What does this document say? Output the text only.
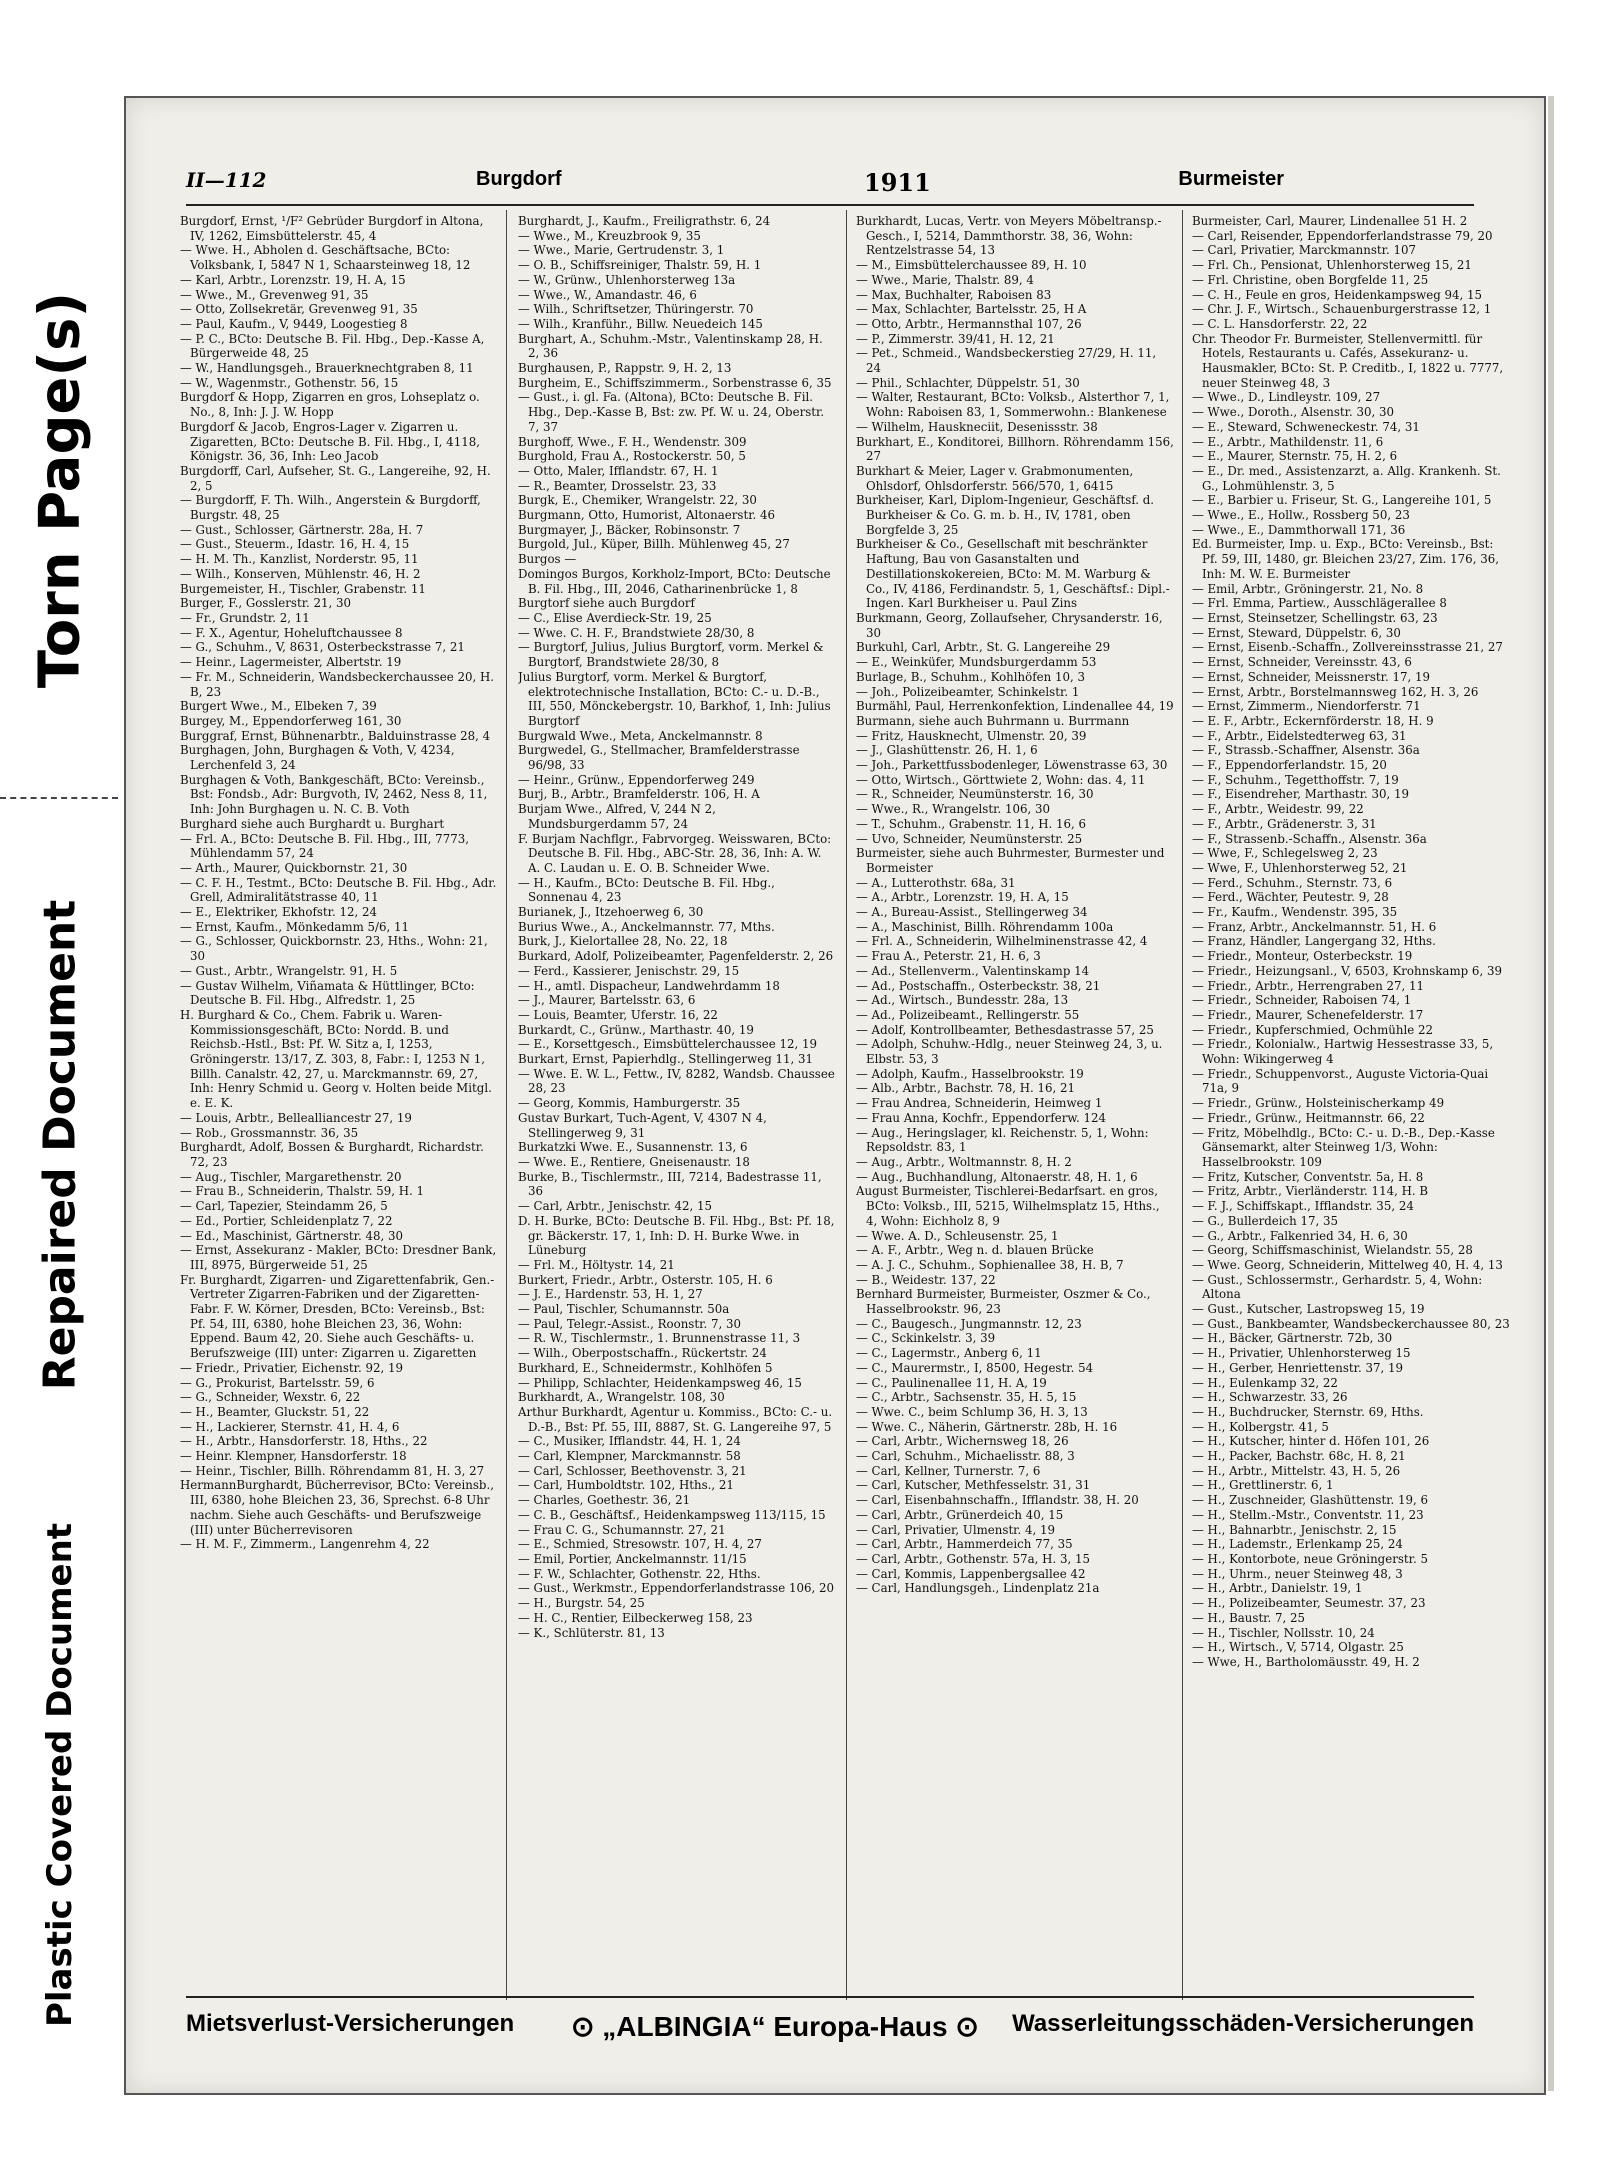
Torn Page(s)
Repaired Document
Plastic Covered Document
II—112	Burgdorf	1911	Burmeister

Burgdorf, Ernst, ¹/F² Gebrüder Burgdorf in Altona, IV, 1262, Eimsbüttelerstr. 45, 4

— Wwe. H., Abholen d. Geschäftsache, BCto: Volksbank, I, 5847 N 1, Schaarsteinweg 18, 12

— Karl, Arbtr., Lorenzstr. 19, H. A, 15

— Wwe., M., Grevenweg 91, 35

— Otto, Zollsekretär, Grevenweg 91, 35

— Paul, Kaufm., V, 9449, Loogestieg 8

— P. C., BCto: Deutsche B. Fil. Hbg., Dep.-Kasse A, Bürgerweide 48, 25

— W., Handlungsgeh., Brauerknechtgraben 8, 11

— W., Wagenmstr., Gothenstr. 56, 15

Burgdorf & Hopp, Zigarren en gros, Lohseplatz o. No., 8, Inh: J. J. W. Hopp

Burgdorf & Jacob, Engros-Lager v. Zigarren u. Zigaretten, BCto: Deutsche B. Fil. Hbg., I, 4118, Königstr. 36, 36, Inh: Leo Jacob

Burgdorff, Carl, Aufseher, St. G., Langereihe, 92, H. 2, 5

— Burgdorff, F. Th. Wilh., Angerstein & Burgdorff, Burgstr. 48, 25

— Gust., Schlosser, Gärtnerstr. 28a, H. 7

— Gust., Steuerm., Idastr. 16, H. 4, 15

— H. M. Th., Kanzlist, Norderstr. 95, 11

— Wilh., Konserven, Mühlenstr. 46, H. 2

Burgemeister, H., Tischler, Grabenstr. 11

Burger, F., Gosslerstr. 21, 30

— Fr., Grundstr. 2, 11

— F. X., Agentur, Hoheluftchaussee 8

— G., Schuhm., V, 8631, Osterbeckstrasse 7, 21

— Heinr., Lagermeister, Albertstr. 19

— Fr. M., Schneiderin, Wandsbeckerchaussee 20, H. B, 23

Burgert Wwe., M., Elbeken 7, 39

Burgey, M., Eppendorferweg 161, 30

Burggraf, Ernst, Bühnenarbtr., Balduinstrasse 28, 4

Burghagen, John, Burghagen & Voth, V, 4234, Lerchenfeld 3, 24

Burghagen & Voth, Bankgeschäft, BCto: Vereinsb., Bst: Fondsb., Adr: Burgvoth, IV, 2462, Ness 8, 11, Inh: John Burghagen u. N. C. B. Voth

Burghard siehe auch Burghardt u. Burghart

— Frl. A., BCto: Deutsche B. Fil. Hbg., III, 7773, Mühlendamm 57, 24

— Arth., Maurer, Quickbornstr. 21, 30

— C. F. H., Testmt., BCto: Deutsche B. Fil. Hbg., Adr. Grell, Admiralitätstrasse 40, 11

— E., Elektriker, Ekhofstr. 12, 24

— Ernst, Kaufm., Mönkedamm 5/6, 11

— G., Schlosser, Quickbornstr. 23, Hths., Wohn: 21, 30

— Gust., Arbtr., Wrangelstr. 91, H. 5

— Gustav Wilhelm, Viñamata & Hüttlinger, BCto: Deutsche B. Fil. Hbg., Alfredstr. 1, 25

H. Burghard & Co., Chem. Fabrik u. Waren-Kommissionsgeschäft, BCto: Nordd. B. und Reichsb.-Hstl., Bst: Pf. W. Sitz a, I, 1253, Gröningerstr. 13/17, Z. 303, 8, Fabr.: I, 1253 N 1, Billh. Canalstr. 42, 27, u. Marckmannstr. 69, 27, Inh: Henry Schmid u. Georg v. Holten beide Mitgl. e. E. K.

— Louis, Arbtr., Bellealliancestr 27, 19

— Rob., Grossmannstr. 36, 35

Burghardt, Adolf, Bossen & Burghardt, Richardstr. 72, 23

— Aug., Tischler, Margarethenstr. 20

— Frau B., Schneiderin, Thalstr. 59, H. 1

— Carl, Tapezier, Steindamm 26, 5

— Ed., Portier, Schleidenplatz 7, 22

— Ed., Maschinist, Gärtnerstr. 48, 30

— Ernst, Assekuranz - Makler, BCto: Dresdner Bank, III, 8975, Bürgerweide 51, 25

Fr. Burghardt, Zigarren- und Zigarettenfabrik, Gen.-Vertreter Zigarren-Fabriken und der Zigaretten-Fabr. F. W. Körner, Dresden, BCto: Vereinsb., Bst: Pf. 54, III, 6380, hohe Bleichen 23, 36, Wohn: Eppend. Baum 42, 20. Siehe auch Geschäfts- u. Berufszweige (III) unter: Zigarren u. Zigaretten

— Friedr., Privatier, Eichenstr. 92, 19

— G., Prokurist, Bartelsstr. 59, 6

— G., Schneider, Wexstr. 6, 22

— H., Beamter, Gluckstr. 51, 22

— H., Lackierer, Sternstr. 41, H. 4, 6

— H., Arbtr., Hansdorferstr. 18, Hths., 22

— Heinr. Klempner, Hansdorferstr. 18

— Heinr., Tischler, Billh. Röhrendamm 81, H. 3, 27

HermannBurghardt, Bücherrevisor, BCto: Vereinsb., III, 6380, hohe Bleichen 23, 36, Sprechst. 6-8 Uhr nachm. Siehe auch Geschäfts- und Berufszweige (III) unter Bücherrevisoren

— H. M. F., Zimmerm., Langenrehm 4, 22

Burghardt, J., Kaufm., Freiligrathstr. 6, 24

— Wwe., M., Kreuzbrook 9, 35

— Wwe., Marie, Gertrudenstr. 3, 1

— O. B., Schiffsreiniger, Thalstr. 59, H. 1

— W., Grünw., Uhlenhorsterweg 13a

— Wwe., W., Amandastr. 46, 6

— Wilh., Schriftsetzer, Thüringerstr. 70

— Wilh., Kranführ., Billw. Neuedeich 145

Burghart, A., Schuhm.-Mstr., Valentinskamp 28, H. 2, 36

Burghausen, P., Rappstr. 9, H. 2, 13

Burgheim, E., Schiffszimmerm., Sorbenstrasse 6, 35

— Gust., i. gl. Fa. (Altona), BCto: Deutsche B. Fil. Hbg., Dep.-Kasse B, Bst: zw. Pf. W. u. 24, Oberstr. 7, 37

Burghoff, Wwe., F. H., Wendenstr. 309

Burghold, Frau A., Rostockerstr. 50, 5

— Otto, Maler, Ifflandstr. 67, H. 1

— R., Beamter, Drosselstr. 23, 33

Burgk, E., Chemiker, Wrangelstr. 22, 30

Burgmann, Otto, Humorist, Altonaerstr. 46

Burgmayer, J., Bäcker, Robinsonstr. 7

Burgold, Jul., Küper, Billh. Mühlenweg 45, 27

Burgos —

Domingos Burgos, Korkholz-Import, BCto: Deutsche B. Fil. Hbg., III, 2046, Catharinenbrücke 1, 8

Burgtorf siehe auch Burgdorf

— C., Elise Averdieck-Str. 19, 25

— Wwe. C. H. F., Brandstwiete 28/30, 8

— Burgtorf, Julius, Julius Burgtorf, vorm. Merkel & Burgtorf, Brandstwiete 28/30, 8

Julius Burgtorf, vorm. Merkel & Burgtorf, elektrotechnische Installation, BCto: C.- u. D.-B., III, 550, Mönckebergstr. 10, Barkhof, 1, Inh: Julius Burgtorf

Burgwald Wwe., Meta, Anckelmannstr. 8

Burgwedel, G., Stellmacher, Bramfelderstrasse 96/98, 33

— Heinr., Grünw., Eppendorferweg 249

Burj, B., Arbtr., Bramfelderstr. 106, H. A

Burjam Wwe., Alfred, V, 244 N 2, Mundsburgerdamm 57, 24

F. Burjam Nachflgr., Fabrvorgeg. Weisswaren, BCto: Deutsche B. Fil. Hbg., ABC-Str. 28, 36, Inh: A. W. A. C. Laudan u. E. O. B. Schneider Wwe.

— H., Kaufm., BCto: Deutsche B. Fil. Hbg., Sonnenau 4, 23

Burianek, J., Itzehoerweg 6, 30

Burius Wwe., A., Anckelmannstr. 77, Mths.

Burk, J., Kielortallee 28, No. 22, 18

Burkard, Adolf, Polizeibeamter, Pagenfelderstr. 2, 26

— Ferd., Kassierer, Jenischstr. 29, 15

— H., amtl. Dispacheur, Landwehrdamm 18

— J., Maurer, Bartelsstr. 63, 6

— Louis, Beamter, Uferstr. 16, 22

Burkardt, C., Grünw., Marthastr. 40, 19

— E., Korsettgesch., Eimsbüttelerchaussee 12, 19

Burkart, Ernst, Papierhdlg., Stellingerweg 11, 31

— Wwe. E. W. L., Fettw., IV, 8282, Wandsb. Chaussee 28, 23

— Georg, Kommis, Hamburgerstr. 35

Gustav Burkart, Tuch-Agent, V, 4307 N 4, Stellingerweg 9, 31

Burkatzki Wwe. E., Susannenstr. 13, 6

— Wwe. E., Rentiere, Gneisenaustr. 18

Burke, B., Tischlermstr., III, 7214, Badestrasse 11, 36

— Carl, Arbtr., Jenischstr. 42, 15

D. H. Burke, BCto: Deutsche B. Fil. Hbg., Bst: Pf. 18, gr. Bäckerstr. 17, 1, Inh: D. H. Burke Wwe. in Lüneburg

— Frl. M., Höltystr. 14, 21

Burkert, Friedr., Arbtr., Osterstr. 105, H. 6

— J. E., Hardenstr. 53, H. 1, 27

— Paul, Tischler, Schumannstr. 50a

— Paul, Telegr.-Assist., Roonstr. 7, 30

— R. W., Tischlermstr., 1. Brunnenstrasse 11, 3

— Wilh., Oberpostschaffn., Rückertstr. 24

Burkhard, E., Schneidermstr., Kohlhöfen 5

— Philipp, Schlachter, Heidenkampsweg 46, 15

Burkhardt, A., Wrangelstr. 108, 30

Arthur Burkhardt, Agentur u. Kommiss., BCto: C.- u. D.-B., Bst: Pf. 55, III, 8887, St. G. Langereihe 97, 5

— C., Musiker, Ifflandstr. 44, H. 1, 24

— Carl, Klempner, Marckmannstr. 58

— Carl, Schlosser, Beethovenstr. 3, 21

— Carl, Humboldtstr. 102, Hths., 21

— Charles, Goethestr. 36, 21

— C. B., Geschäftsf., Heidenkampsweg 113/115, 15

— Frau C. G., Schumannstr. 27, 21

— E., Schmied, Stresowstr. 107, H. 4, 27

— Emil, Portier, Anckelmannstr. 11/15

— F. W., Schlachter, Gothenstr. 22, Hths.

— Gust., Werkmstr., Eppendorferlandstrasse 106, 20

— H., Burgstr. 54, 25

— H. C., Rentier, Eilbeckerweg 158, 23

— K., Schlüterstr. 81, 13

Burkhardt, Lucas, Vertr. von Meyers Möbeltransp.-Gesch., I, 5214, Dammthorstr. 38, 36, Wohn: Rentzelstrasse 54, 13

— M., Eimsbüttelerchaussee 89, H. 10

— Wwe., Marie, Thalstr. 89, 4

— Max, Buchhalter, Raboisen 83

— Max, Schlachter, Bartelsstr. 25, H A

— Otto, Arbtr., Hermannsthal 107, 26

— P., Zimmerstr. 39/41, H. 12, 21

— Pet., Schmeid., Wandsbeckerstieg 27/29, H. 11, 24

— Phil., Schlachter, Düppelstr. 51, 30

— Walter, Restaurant, BCto: Volksb., Alsterthor 7, 1, Wohn: Raboisen 83, 1, Sommerwohn.: Blankenese

— Wilhelm, Hauskneciit, Desenissstr. 38

Burkhart, E., Konditorei, Billhorn. Röhrendamm 156, 27

Burkhart & Meier, Lager v. Grabmonumenten, Ohlsdorf, Ohlsdorferstr. 566/570, 1, 6415

Burkheiser, Karl, Diplom-Ingenieur, Geschäftsf. d. Burkheiser & Co. G. m. b. H., IV, 1781, oben Borgfelde 3, 25

Burkheiser & Co., Gesellschaft mit beschränkter Haftung, Bau von Gasanstalten und Destillationskokereien, BCto: M. M. Warburg & Co., IV, 4186, Ferdinandstr. 5, 1, Geschäftsf.: Dipl.-Ingen. Karl Burkheiser u. Paul Zins

Burkmann, Georg, Zollaufseher, Chrysanderstr. 16, 30

Burkuhl, Carl, Arbtr., St. G. Langereihe 29

— E., Weinküfer, Mundsburgerdamm 53

Burlage, B., Schuhm., Kohlhöfen 10, 3

— Joh., Polizeibeamter, Schinkelstr. 1

Burmähl, Paul, Herrenkonfektion, Lindenallee 44, 19

Burmann, siehe auch Buhrmann u. Burrmann

— Fritz, Hausknecht, Ulmenstr. 20, 39

— J., Glashüttenstr. 26, H. 1, 6

— Joh., Parkettfussbodenleger, Löwenstrasse 63, 30

— Otto, Wirtsch., Görttwiete 2, Wohn: das. 4, 11

— R., Schneider, Neumünsterstr. 16, 30

— Wwe., R., Wrangelstr. 106, 30

— T., Schuhm., Grabenstr. 11, H. 16, 6

— Uvo, Schneider, Neumünsterstr. 25

Burmeister, siehe auch Buhrmester, Burmester und Bormeister

— A., Lutterothstr. 68a, 31

— A., Arbtr., Lorenzstr. 19, H. A, 15

— A., Bureau-Assist., Stellingerweg 34

— A., Maschinist, Billh. Röhrendamm 100a

— Frl. A., Schneiderin, Wilhelminenstrasse 42, 4

— Frau A., Peterstr. 21, H. 6, 3

— Ad., Stellenverm., Valentinskamp 14

— Ad., Postschaffn., Osterbeckstr. 38, 21

— Ad., Wirtsch., Bundesstr. 28a, 13

— Ad., Polizeibeamt., Rellingerstr. 55

— Adolf, Kontrollbeamter, Bethesdastrasse 57, 25

— Adolph, Schuhw.-Hdlg., neuer Steinweg 24, 3, u. Elbstr. 53, 3

— Adolph, Kaufm., Hasselbrookstr. 19

— Alb., Arbtr., Bachstr. 78, H. 16, 21

— Frau Andrea, Schneiderin, Heimweg 1

— Frau Anna, Kochfr., Eppendorferw. 124

— Aug., Heringslager, kl. Reichenstr. 5, 1, Wohn: Repsoldstr. 83, 1

— Aug., Arbtr., Woltmannstr. 8, H. 2

— Aug., Buchhandlung, Altonaerstr. 48, H. 1, 6

August Burmeister, Tischlerei-Bedarfsart. en gros, BCto: Volksb., III, 5215, Wilhelmsplatz 15, Hths., 4, Wohn: Eichholz 8, 9

— Wwe. A. D., Schleusenstr. 25, 1

— A. F., Arbtr., Weg n. d. blauen Brücke

— A. J. C., Schuhm., Sophienallee 38, H. B, 7

— B., Weidestr. 137, 22

Bernhard Burmeister, Burmeister, Oszmer & Co., Hasselbrookstr. 96, 23

— C., Baugesch., Jungmannstr. 12, 23

— C., Sckinkelstr. 3, 39

— C., Lagermstr., Anberg 6, 11

— C., Maurermstr., I, 8500, Hegestr. 54

— C., Paulinenallee 11, H. A, 19

— C., Arbtr., Sachsenstr. 35, H. 5, 15

— Wwe. C., beim Schlump 36, H. 3, 13

— Wwe. C., Näherin, Gärtnerstr. 28b, H. 16

— Carl, Arbtr., Wichernsweg 18, 26

— Carl, Schuhm., Michaelisstr. 88, 3

— Carl, Kellner, Turnerstr. 7, 6

— Carl, Kutscher, Methfesselstr. 31, 31

— Carl, Eisenbahnschaffn., Ifflandstr. 38, H. 20

— Carl, Arbtr., Grünerdeich 40, 15

— Carl, Privatier, Ulmenstr. 4, 19

— Carl, Arbtr., Hammerdeich 77, 35

— Carl, Arbtr., Gothenstr. 57a, H. 3, 15

— Carl, Kommis, Lappenbergsallee 42

— Carl, Handlungsgeh., Lindenplatz 21a

Burmeister, Carl, Maurer, Lindenallee 51 H. 2

— Carl, Reisender, Eppendorferlandstrasse 79, 20

— Carl, Privatier, Marckmannstr. 107

— Frl. Ch., Pensionat, Uhlenhorsterweg 15, 21

— Frl. Christine, oben Borgfelde 11, 25

— C. H., Feule en gros, Heidenkampsweg 94, 15

— Chr. J. F., Wirtsch., Schauenburgerstrasse 12, 1

— C. L. Hansdorferstr. 22, 22

Chr. Theodor Fr. Burmeister, Stellenvermittl. für Hotels, Restaurants u. Cafés, Assekuranz- u. Hausmakler, BCto: St. P. Creditb., I, 1822 u. 7777, neuer Steinweg 48, 3

— Wwe., D., Lindleystr. 109, 27

— Wwe., Doroth., Alsenstr. 30, 30

— E., Steward, Schweneckestr. 74, 31

— E., Arbtr., Mathildenstr. 11, 6

— E., Maurer, Sternstr. 75, H. 2, 6

— E., Dr. med., Assistenzarzt, a. Allg. Krankenh. St. G., Lohmühlenstr. 3, 5

— E., Barbier u. Friseur, St. G., Langereihe 101, 5

— Wwe., E., Hollw., Rossberg 50, 23

— Wwe., E., Dammthorwall 171, 36

Ed. Burmeister, Imp. u. Exp., BCto: Vereinsb., Bst: Pf. 59, III, 1480, gr. Bleichen 23/27, Zim. 176, 36, Inh: M. W. E. Burmeister

— Emil, Arbtr., Gröningerstr. 21, No. 8

— Frl. Emma, Partiew., Ausschlägerallee 8

— Ernst, Steinsetzer, Schellingstr. 63, 23

— Ernst, Steward, Düppelstr. 6, 30

— Ernst, Eisenb.-Schaffn., Zollvereinsstrasse 21, 27

— Ernst, Schneider, Vereinsstr. 43, 6

— Ernst, Schneider, Meissnerstr. 17, 19

— Ernst, Arbtr., Borstelmannsweg 162, H. 3, 26

— Ernst, Zimmerm., Niendorferstr. 71

— E. F., Arbtr., Eckernförderstr. 18, H. 9

— F., Arbtr., Eidelstedterweg 63, 31

— F., Strassb.-Schaffner, Alsenstr. 36a

— F., Eppendorferlandstr. 15, 20

— F., Schuhm., Tegetthoffstr. 7, 19

— F., Eisendreher, Marthastr. 30, 19

— F., Arbtr., Weidestr. 99, 22

— F., Arbtr., Grädenerstr. 3, 31

— F., Strassenb.-Schaffn., Alsenstr. 36a

— Wwe, F., Schlegelsweg 2, 23

— Wwe, F., Uhlenhorsterweg 52, 21

— Ferd., Schuhm., Sternstr. 73, 6

— Ferd., Wächter, Peutestr. 9, 28

— Fr., Kaufm., Wendenstr. 395, 35

— Franz, Arbtr., Anckelmannstr. 51, H. 6

— Franz, Händler, Langergang 32, Hths.

— Friedr., Monteur, Osterbeckstr. 19

— Friedr., Heizungsanl., V, 6503, Krohnskamp 6, 39

— Friedr., Arbtr., Herrengraben 27, 11

— Friedr., Schneider, Raboisen 74, 1

— Friedr., Maurer, Schenefelderstr. 17

— Friedr., Kupferschmied, Ochmühle 22

— Friedr., Kolonialw., Hartwig Hessestrasse 33, 5, Wohn: Wikingerweg 4

— Friedr., Schuppenvorst., Auguste Victoria-Quai 71a, 9

— Friedr., Grünw., Holsteinischerkamp 49

— Friedr., Grünw., Heitmannstr. 66, 22

— Fritz, Möbelhdlg., BCto: C.- u. D.-B., Dep.-Kasse Gänsemarkt, alter Steinweg 1/3, Wohn: Hasselbrookstr. 109

— Fritz, Kutscher, Conventstr. 5a, H. 8

— Fritz, Arbtr., Vierländerstr. 114, H. B

— F. J., Schiffskapt., Ifflandstr. 35, 24

— G., Bullerdeich 17, 35

— G., Arbtr., Falkenried 34, H. 6, 30

— Georg, Schiffsmaschinist, Wielandstr. 55, 28

— Wwe. Georg, Schneiderin, Mittelweg 40, H. 4, 13

— Gust., Schlossermstr., Gerhardstr. 5, 4, Wohn: Altona

— Gust., Kutscher, Lastropsweg 15, 19

— Gust., Bankbeamter, Wandsbeckerchaussee 80, 23

— H., Bäcker, Gärtnerstr. 72b, 30

— H., Privatier, Uhlenhorsterweg 15

— H., Gerber, Henriettenstr. 37, 19

— H., Eulenkamp 32, 22

— H., Schwarzestr. 33, 26

— H., Buchdrucker, Sternstr. 69, Hths.

— H., Kolbergstr. 41, 5

— H., Kutscher, hinter d. Höfen 101, 26

— H., Packer, Bachstr. 68c, H. 8, 21

— H., Arbtr., Mittelstr. 43, H. 5, 26

— H., Grettlinerstr. 6, 1

— H., Zuschneider, Glashüttenstr. 19, 6

— H., Stellm.-Mstr., Conventstr. 11, 23

— H., Bahnarbtr., Jenischstr. 2, 15

— H., Lademstr., Erlenkamp 25, 24

— H., Kontorbote, neue Gröningerstr. 5

— H., Uhrm., neuer Steinweg 48, 3

— H., Arbtr., Danielstr. 19, 1

— H., Polizeibeamter, Seumestr. 37, 23

— H., Baustr. 7, 25

— H., Tischler, Nollsstr. 10, 24

— H., Wirtsch., V, 5714, Olgastr. 25

— Wwe, H., Bartholomäusstr. 49, H. 2

Mietsverlust-Versicherungen ⊙ „ALBINGIA“ Europa-Haus ⊙ Wasserleitungsschäden-Versicherungen
